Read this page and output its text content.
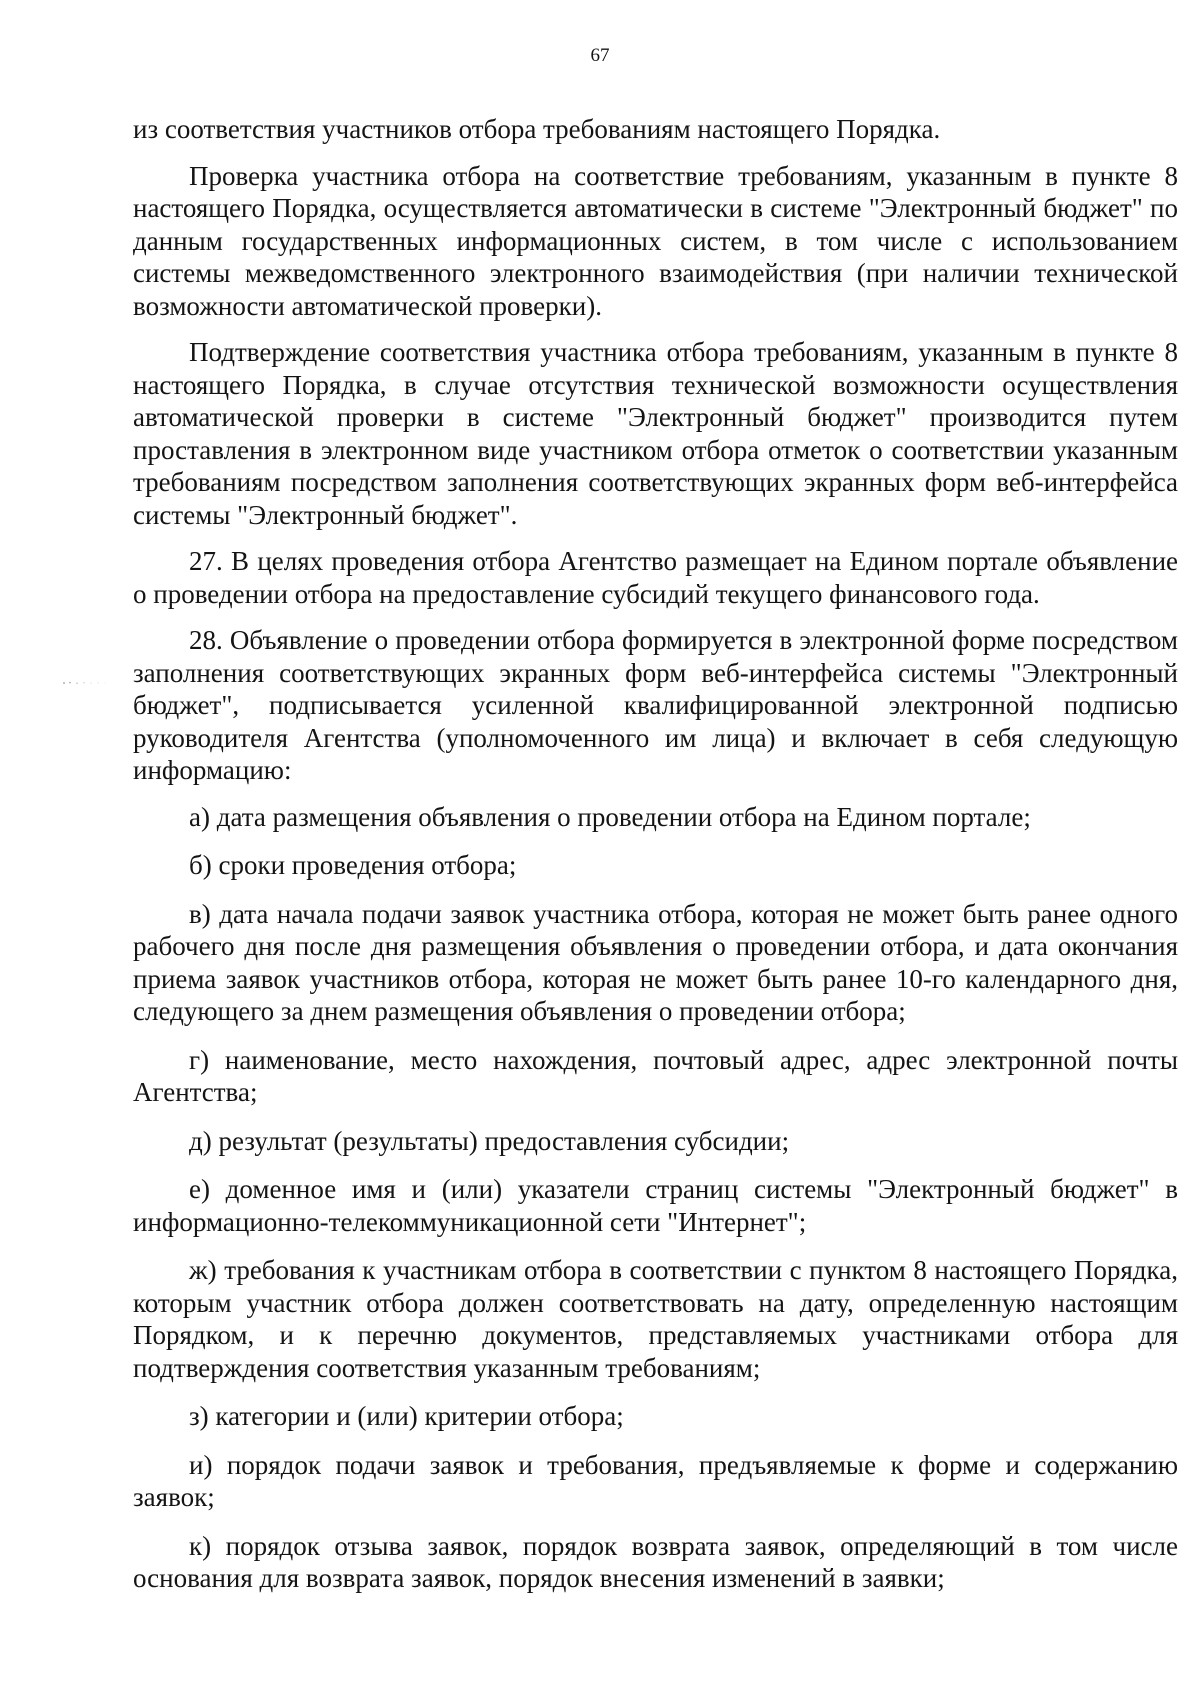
67

из соответствия участников отбора требованиям настоящего Порядка.

Проверка участника отбора на соответствие требованиям, указанным в пункте 8 настоящего Порядка, осуществляется автоматически в системе "Электронный бюджет" по данным государственных информационных систем, в том числе с использованием системы межведомственного электронного взаимодействия (при наличии технической возможности автоматической проверки).

Подтверждение соответствия участника отбора требованиям, указанным в пункте 8 настоящего Порядка, в случае отсутствия технической возможности осуществления автоматической проверки в системе "Электронный бюджет" производится путем проставления в электронном виде участником отбора отметок о соответствии указанным требованиям посредством заполнения соответствующих экранных форм веб-интерфейса системы "Электронный бюджет".

27. В целях проведения отбора Агентство размещает на Едином портале объявление о проведении отбора на предоставление субсидий текущего финансового года.

28. Объявление о проведении отбора формируется в электронной форме посредством заполнения соответствующих экранных форм веб-интерфейса системы "Электронный бюджет", подписывается усиленной квалифицированной электронной подписью руководителя Агентства (уполномоченного им лица) и включает в себя следующую информацию:

а) дата размещения объявления о проведении отбора на Едином портале;

б) сроки проведения отбора;

в) дата начала подачи заявок участника отбора, которая не может быть ранее одного рабочего дня после дня размещения объявления о проведении отбора, и дата окончания приема заявок участников отбора, которая не может быть ранее 10-го календарного дня, следующего за днем размещения объявления о проведении отбора;

г) наименование, место нахождения, почтовый адрес, адрес электронной почты Агентства;

д) результат (результаты) предоставления субсидии;

е) доменное имя и (или) указатели страниц системы "Электронный бюджет" в информационно-телекоммуникационной сети "Интернет";

ж) требования к участникам отбора в соответствии с пунктом 8 настоящего Порядка, которым участник отбора должен соответствовать на дату, определенную настоящим Порядком, и к перечню документов, представляемых участниками отбора для подтверждения соответствия указанным требованиям;

з) категории и (или) критерии отбора;

и) порядок подачи заявок и требования, предъявляемые к форме и содержанию заявок;

к) порядок отзыва заявок, порядок возврата заявок, определяющий в том числе основания для возврата заявок, порядок внесения изменений в заявки;
